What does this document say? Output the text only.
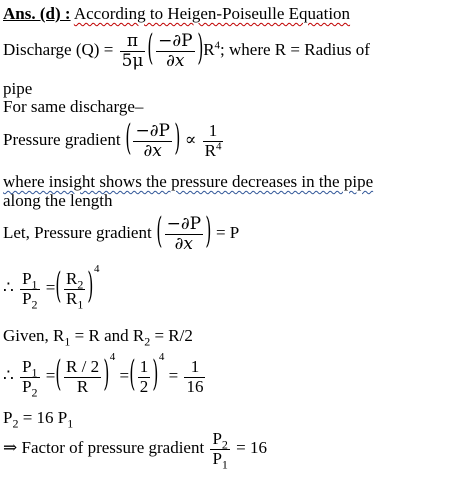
Ans. (d) : According to Heigen-Poiseulle Equation
Discharge $(Q) = \frac{\pi}{5\mu}$ ( $\frac{-\partial P}{\partial x} )R^4$; where R = Radius of
pipe
For same discharge–
Pressure gradient ( $\frac{-\partial P}{\partial x}$ ) ∝ $\frac{1}{R^4}$
where insight shows the pressure decreases in the pipe
along the length
Let, Pressure gradient ( $\frac{-\partial P}{\partial x}$ ) = P
∴ $\frac{P_1}{P_2}$ =( $\frac{R_2}{R_1} )^4$
Given, $R_1 = R$ and $R_2 = R/2$
∴ $\frac{P_1}{P_2}$ =( $\frac{R / 2}{R} )^4$ =( $\frac{1}{2} )^4 = \frac{1}{16}$
$P_2 = 16$ $P_1$
⇒ Factor of pressure gradient $\frac{P_2}{P_1} = 16$
